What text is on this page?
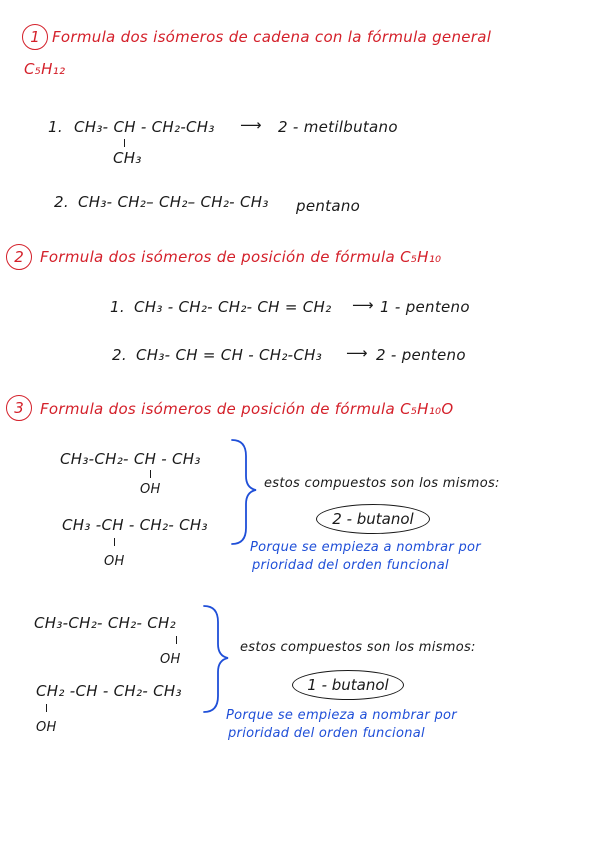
1 Formula dos isómeros de cadena con la fórmula general
C₅H₁₂
1. CH₃- CH - CH₂-CH₃ ⟶ 2 - metilbutano
CH₃
2. CH₃- CH₂– CH₂– CH₂- CH₃ pentano
2	Formula dos isómeros de posición de fórmula C₅H₁₀
1. CH₃ - CH₂- CH₂- CH = CH₂ ⟶ 1 - penteno
2. CH₃- CH = CH - CH₂-CH₃ ⟶ 2 - penteno
3	Formula dos isómeros de posición de fórmula C₅H₁₀O
CH₃-CH₂- CH - CH₃
OH
CH₃ -CH - CH₂- CH₃
OH
estos compuestos son los mismos:
2 - butanol
Porque se empieza a nombrar por
prioridad del orden funcional
CH₃-CH₂- CH₂- CH₂
OH
CH₂ -CH - CH₂- CH₃
OH
estos compuestos son los mismos:
1 - butanol
Porque se empieza a nombrar por
prioridad del orden funcional
